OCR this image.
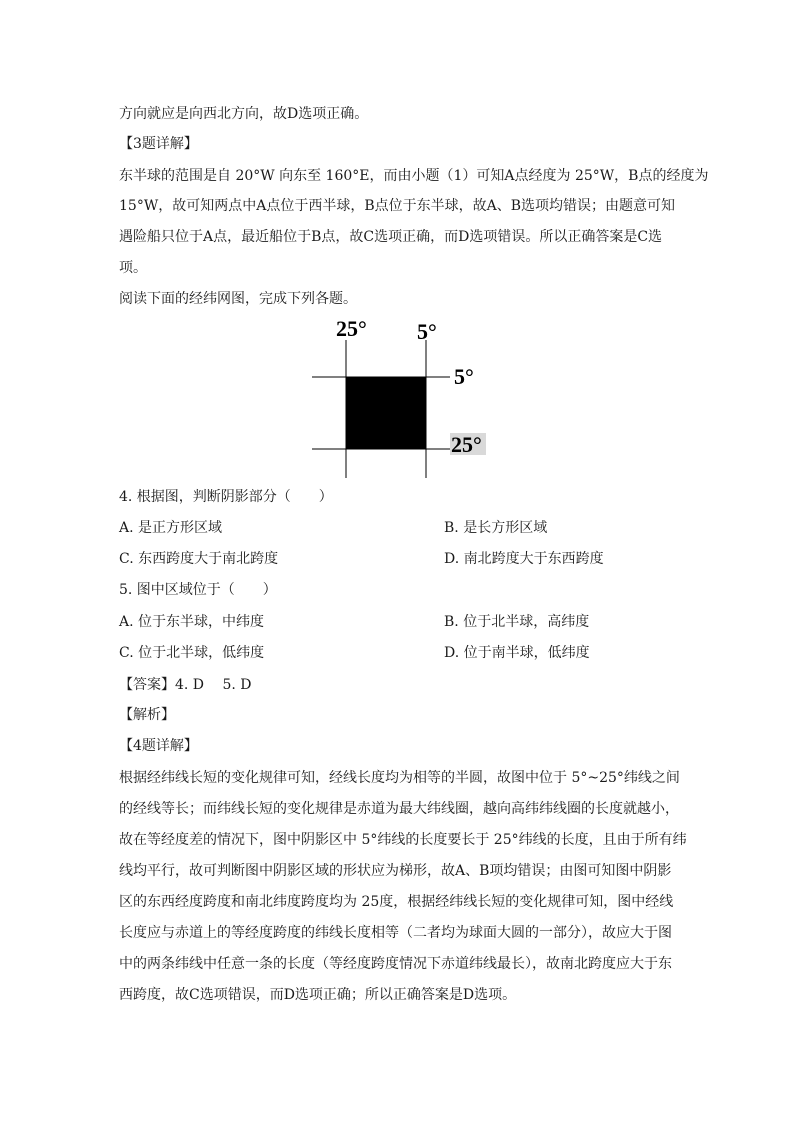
方向就应是向西北方向，故D选项正确。
【3题详解】
东半球的范围是自 20°W 向东至 160°E，而由小题（1）可知A点经度为 25°W，B点的经度为
15°W，故可知两点中A点位于西半球，B点位于东半球，故A、B选项均错误；由题意可知
遇险船只位于A点，最近船位于B点，故C选项正确，而D选项错误。所以正确答案是C选
项。
阅读下面的经纬网图，完成下列各题。
25° 5°
5°
25°
4. 根据图，判断阴影部分（　　）
A. 是正方形区域	B. 是长方形区域
C. 东西跨度大于南北跨度	D. 南北跨度大于东西跨度
5. 图中区域位于（　　）
A. 位于东半球，中纬度	B. 位于北半球，高纬度
C. 位于北半球，低纬度	D. 位于南半球，低纬度
【答案】4. D　 5. D
【解析】
【4题详解】
根据经纬线长短的变化规律可知，经线长度均为相等的半圆，故图中位于 5°~25°纬线之间
的经线等长；而纬线长短的变化规律是赤道为最大纬线圈，越向高纬纬线圈的长度就越小，
故在等经度差的情况下，图中阴影区中 5°纬线的长度要长于 25°纬线的长度，且由于所有纬
线均平行，故可判断图中阴影区域的形状应为梯形，故A、B项均错误；由图可知图中阴影
区的东西经度跨度和南北纬度跨度均为 25度，根据经纬线长短的变化规律可知，图中经线
长度应与赤道上的等经度跨度的纬线长度相等（二者均为球面大圆的一部分），故应大于图
中的两条纬线中任意一条的长度（等经度跨度情况下赤道纬线最长），故南北跨度应大于东
西跨度，故C选项错误，而D选项正确；所以正确答案是D选项。
